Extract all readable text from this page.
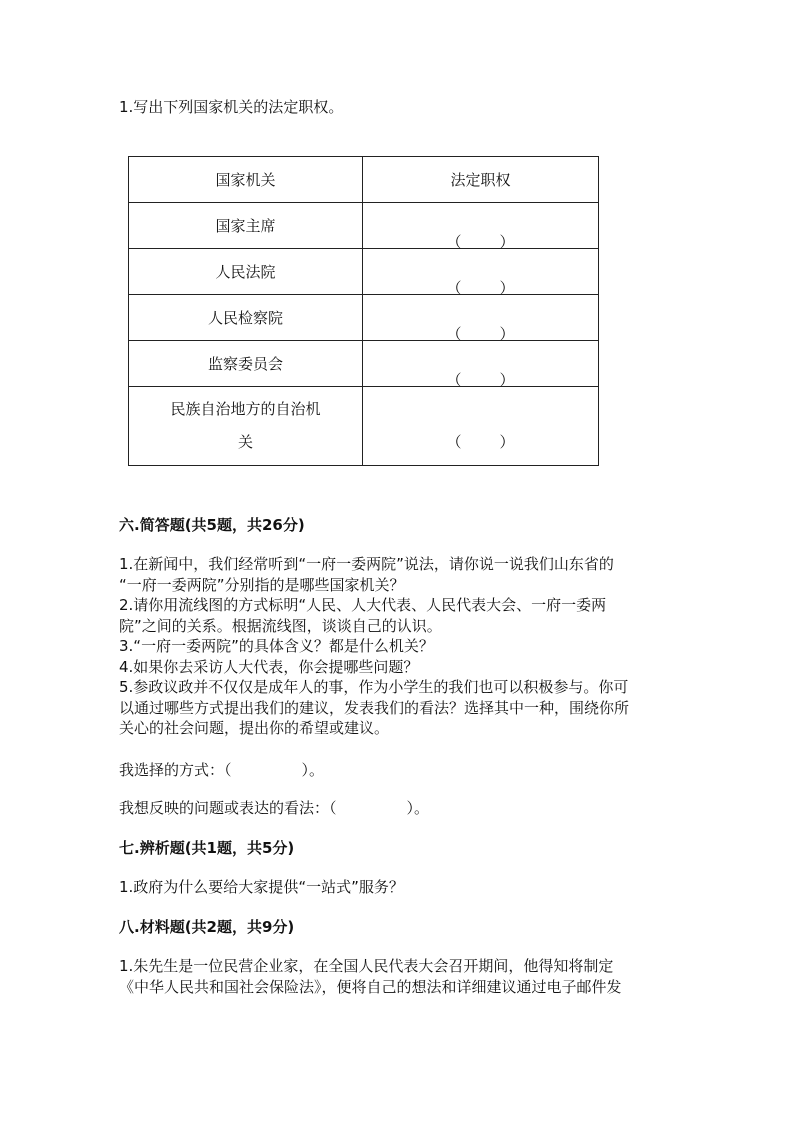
1.写出下列国家机关的法定职权。

国家机关	法定职权
国家主席	（ ）

人民法院	（ ）

人民检察院	（ ）

监察委员会	（ ）

民族自治地方的自治机
关	（ ）

六.简答题(共5题，共26分)

1.在新闻中，我们经常听到“一府一委两院”说法，请你说一说我们山东省的
“一府一委两院”分别指的是哪些国家机关？
2.请你用流线图的方式标明“人民、人大代表、人民代表大会、一府一委两
院”之间的关系。根据流线图，谈谈自己的认识。
3.“一府一委两院”的具体含义？都是什么机关？
4.如果你去采访人大代表，你会提哪些问题？
5.参政议政并不仅仅是成年人的事，作为小学生的我们也可以积极参与。你可
以通过哪些方式提出我们的建议，发表我们的看法？选择其中一种，围绕你所
关心的社会问题，提出你的希望或建议。

我选择的方式：（	）。

我想反映的问题或表达的看法：（	）。

七.辨析题(共1题，共5分)

1.政府为什么要给大家提供“一站式”服务？

八.材料题(共2题，共9分)

1.朱先生是一位民营企业家，在全国人民代表大会召开期间，他得知将制定
《中华人民共和国社会保险法》，便将自己的想法和详细建议通过电子邮件发
